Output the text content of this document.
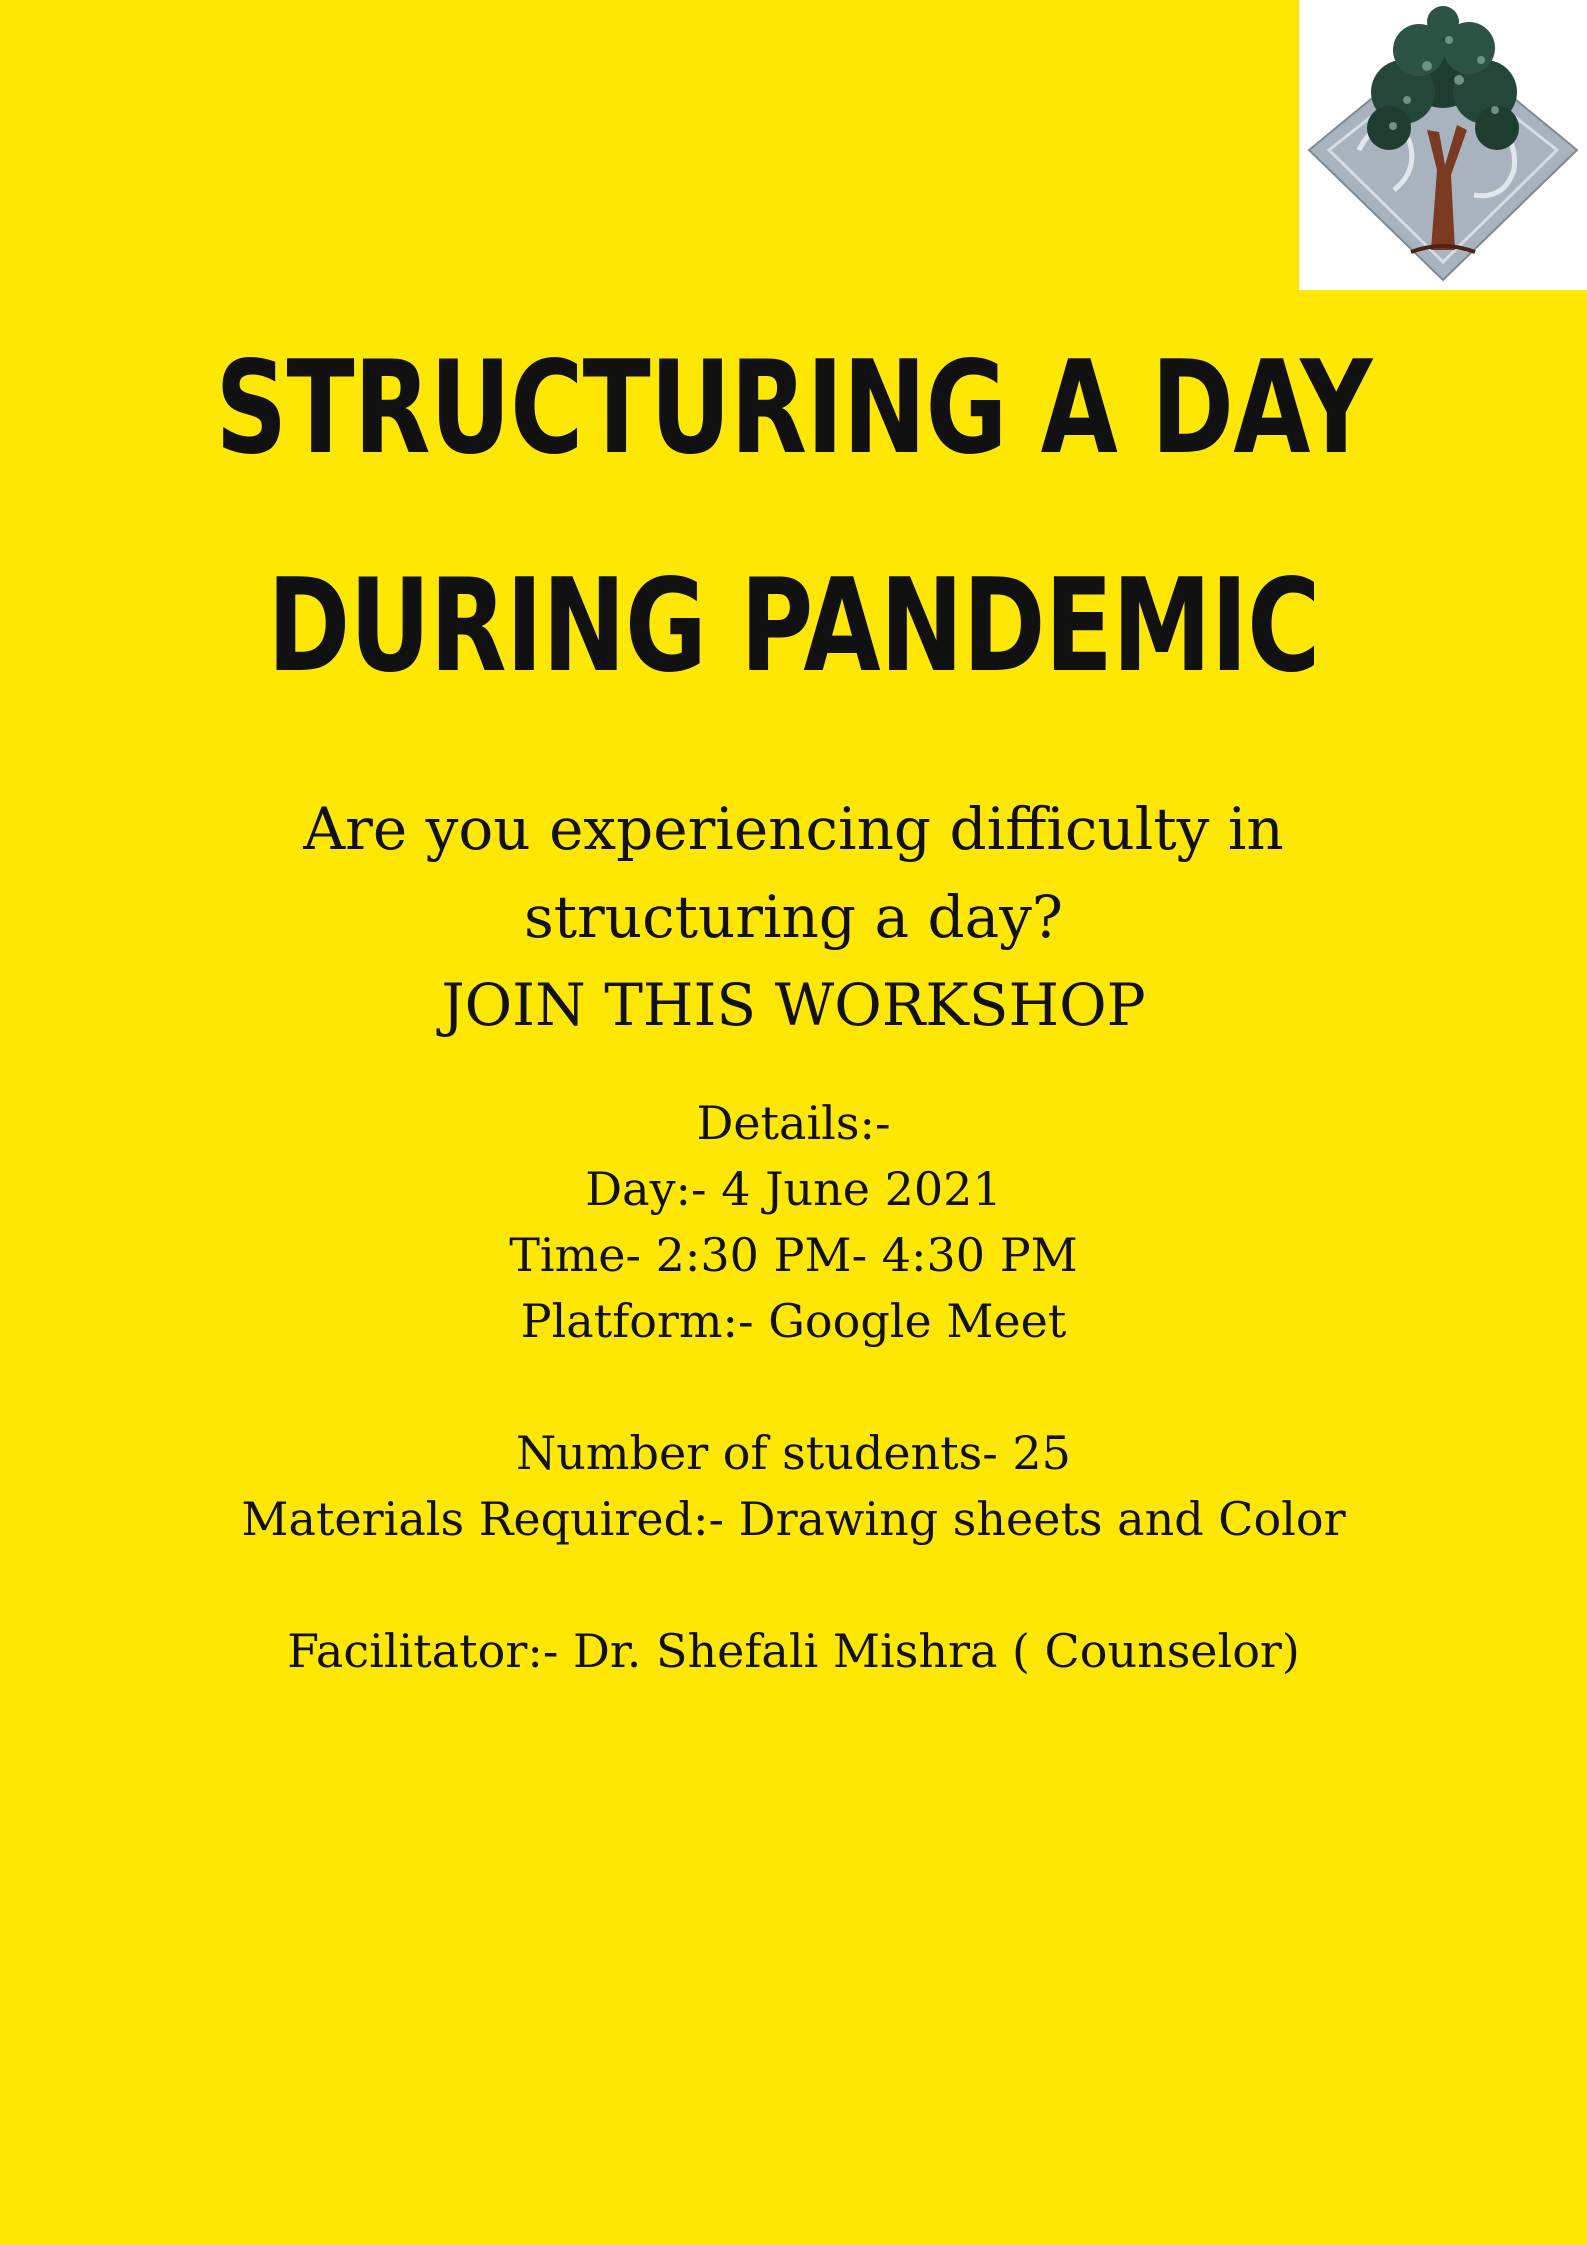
STRUCTURING A DAY
DURING PANDEMIC
Are you experiencing difficulty in
structuring a day?
JOIN THIS WORKSHOP
Details:-
Day:- 4 June 2021
Time- 2:30 PM- 4:30 PM
Platform:- Google Meet
Number of students- 25
Materials Required:- Drawing sheets and Color
Facilitator:- Dr. Shefali Mishra ( Counselor)
